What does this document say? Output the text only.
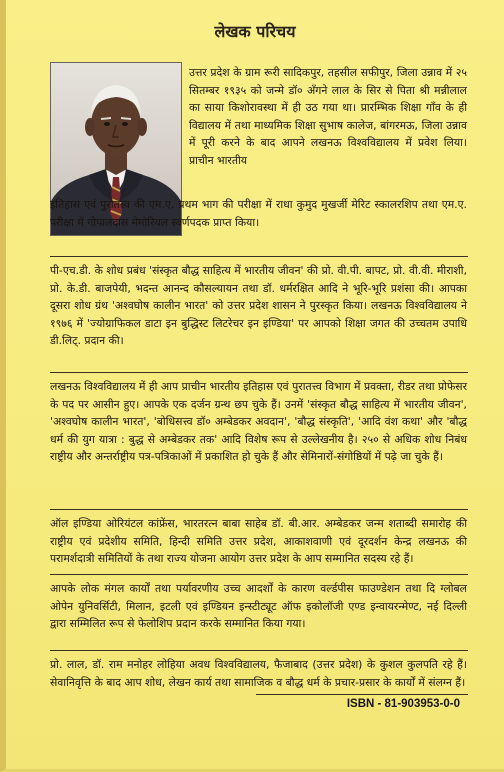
लेखक परिचय

उत्तर प्रदेश के ग्राम रूरी सादिकपुर, तहसील सफीपुर, जिला उन्नाव में २५ सितम्बर १९३५ को जन्मे डॉ० अँगने लाल के सिर से पिता श्री मन्नीलाल का साया किशोरावस्था में ही उठ गया था। प्रारम्भिक शिक्षा गाँव के ही विद्यालय में तथा माध्यमिक शिक्षा सुभाष कालेज, बांगरमऊ, जिला उन्नाव में पूरी करने के बाद आपने लखनऊ विश्वविद्यालय में प्रवेश लिया। प्राचीन भारतीय

इतिहास एवं पुरातत्त्व की एम.ए. प्रथम भाग की परीक्षा में राधा कुमुद मुखर्जी मेरिट स्कालरशिप तथा एम.ए. परीक्षा में गोपालदास मेमोरियल स्वर्णपदक प्राप्त किया।

पी-एच.डी. के शोध प्रबंध 'संस्कृत बौद्ध साहित्य में भारतीय जीवन' की प्रो. वी.पी. बापट, प्रो. वी.वी. मीराशी, प्रो. के.डी. बाजपेयी, भदन्त आनन्द कौसल्यायन तथा डॉ. धर्मरक्षित आदि ने भूरि-भूरि प्रशंसा की। आपका दूसरा शोध ग्रंथ 'अश्वघोष कालीन भारत' को उत्तर प्रदेश शासन ने पुरस्कृत किया। लखनऊ विश्वविद्यालय ने १९७६ में 'ज्योग्राफिकल डाटा इन बुद्धिस्ट लिटरेचर इन इण्डिया' पर आपको शिक्षा जगत की उच्चतम उपाधि डी.लिट्. प्रदान की।

लखनऊ विश्वविद्यालय में ही आप प्राचीन भारतीय इतिहास एवं पुरातत्त्व विभाग में प्रवक्ता, रीडर तथा प्रोफेसर के पद पर आसीन हुए। आपके एक दर्जन ग्रन्थ छप चुके हैं। उनमें 'संस्कृत बौद्ध साहित्य में भारतीय जीवन', 'अश्वघोष कालीन भारत', 'बोधिसत्त्व डॉ० अम्बेडकर अवदान', 'बौद्ध संस्कृति', 'आदि वंश कथा' और 'बौद्ध धर्म की युग यात्रा : बुद्ध से अम्बेडकर तक' आदि विशेष रूप से उल्लेखनीय है। २५० से अधिक शोध निबंध राष्ट्रीय और अन्तर्राष्ट्रीय पत्र-पत्रिकाओं में प्रकाशित हो चुके हैं और सेमिनारों-संगोष्ठियों में पढ़े जा चुके हैं।

ऑल इण्डिया ओरियंटल कांफ्रेंस, भारतरत्न बाबा साहेब डॉ. बी.आर. अम्बेडकर जन्म शताब्दी समारोह की राष्ट्रीय एवं प्रदेशीय समिति, हिन्दी समिति उत्तर प्रदेश, आकाशवाणी एवं दूरदर्शन केन्द्र लखनऊ की परामर्शदात्री समितियों के तथा राज्य योजना आयोग उत्तर प्रदेश के आप सम्मानित सदस्य रहे हैं।

आपके लोक मंगल कार्यों तथा पर्यावरणीय उच्च आदर्शों के कारण वर्ल्डपीस फाउण्डेशन तथा दि ग्लोबल ओपेन युनिवर्सिटी, मिलान, इटली एवं इण्डियन इन्स्टीट्यूट ऑफ इकोलॉजी एण्ड इन्वायरन्मेण्ट, नई दिल्ली द्वारा सम्मिलित रूप से फेलोशिप प्रदान करके सम्मानित किया गया।

प्रो. लाल, डॉ. राम मनोहर लोहिया अवध विश्वविद्यालय, फैजाबाद (उत्तर प्रदेश) के कुशल कुलपति रहे हैं। सेवानिवृत्ति के बाद आप शोध, लेखन कार्य तथा सामाजिक व बौद्ध धर्म के प्रचार-प्रसार के कार्यों में संलग्न हैं।

ISBN - 81-903953-0-0
